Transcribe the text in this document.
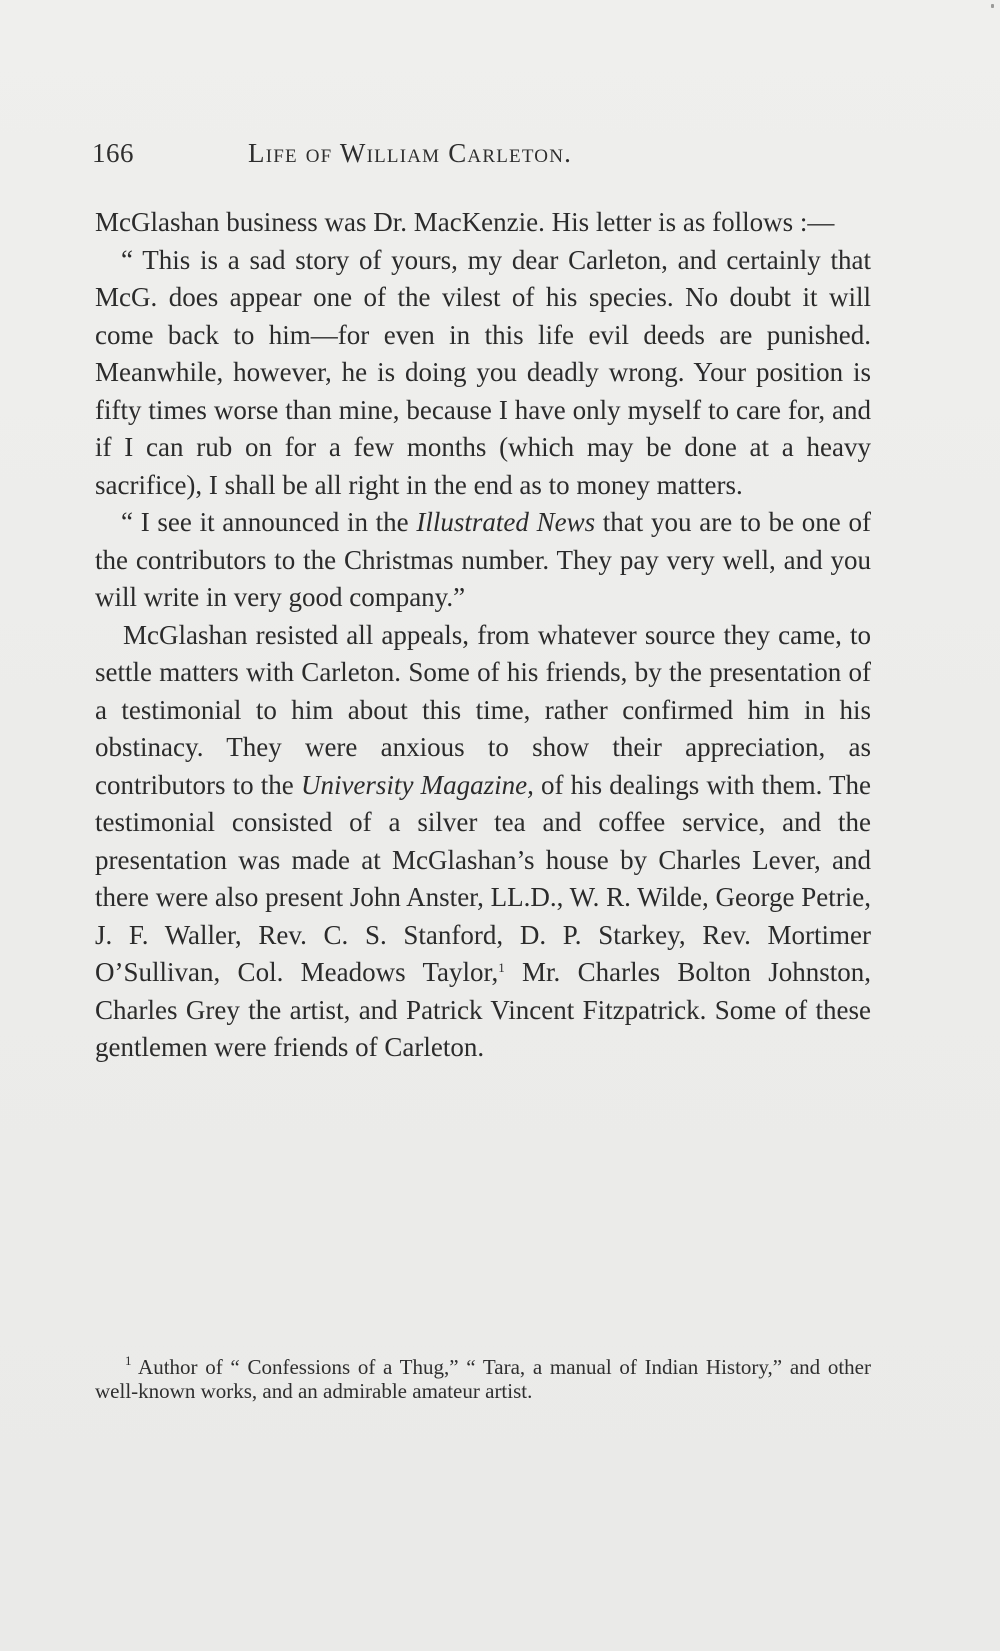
166	Life of William Carleton.

McGlashan business was Dr. MacKenzie. His letter is as follows :—

“ This is a sad story of yours, my dear Carleton, and certainly that McG. does appear one of the vilest of his species. No doubt it will come back to him—for even in this life evil deeds are punished. Meanwhile, however, he is doing you deadly wrong. Your position is fifty times worse than mine, because I have only myself to care for, and if I can rub on for a few months (which may be done at a heavy sacrifice), I shall be all right in the end as to money matters.

“ I see it announced in the Illustrated News that you are to be one of the contributors to the Christmas number. They pay very well, and you will write in very good company.”

McGlashan resisted all appeals, from whatever source they came, to settle matters with Carleton. Some of his friends, by the presentation of a testimonial to him about this time, rather confirmed him in his obstinacy. They were anxious to show their appreciation, as contributors to the University Magazine, of his dealings with them. The testimonial consisted of a silver tea and coffee service, and the presentation was made at McGlashan’s house by Charles Lever, and there were also present John Anster, LL.D., W. R. Wilde, George Petrie, J. F. Waller, Rev. C. S. Stanford, D. P. Starkey, Rev. Mortimer O’Sullivan, Col. Meadows Taylor,$^1$ Mr. Charles Bolton Johnston, Charles Grey the artist, and Patrick Vincent Fitzpatrick. Some of these gentlemen were friends of Carleton.

$^1$ Author of “ Confessions of a Thug,” “ Tara, a manual of Indian History,” and other well-known works, and an admirable amateur artist.
